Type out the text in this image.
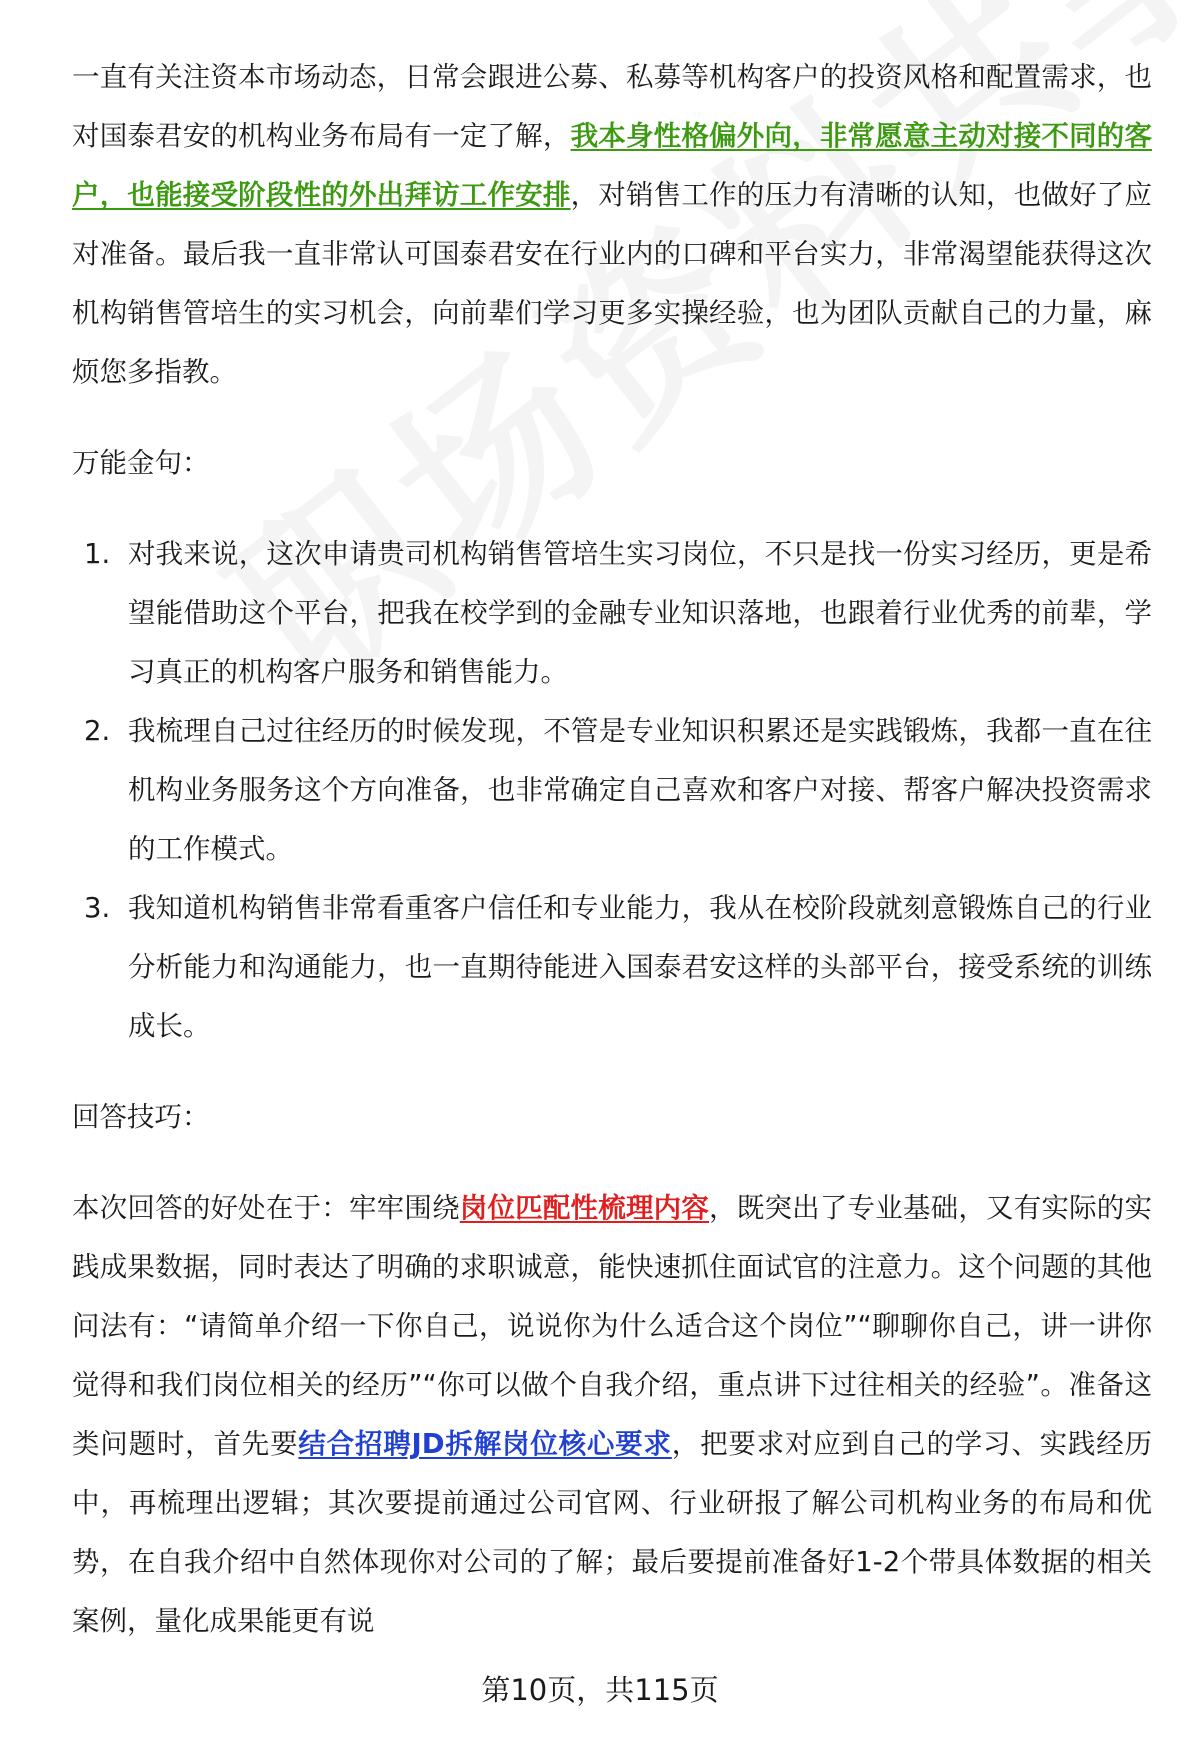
一直有关注资本市场动态，日常会跟进公募、私募等机构客户的投资风格和配置需求，也对国泰君安的机构业务布局有一定了解，我本身性格偏外向，非常愿意主动对接不同的客户，也能接受阶段性的外出拜访工作安排，对销售工作的压力有清晰的认知，也做好了应对准备。最后我一直非常认可国泰君安在行业内的口碑和平台实力，非常渴望能获得这次机构销售管培生的实习机会，向前辈们学习更多实操经验，也为团队贡献自己的力量，麻烦您多指教。

万能金句：

1. 对我来说，这次申请贵司机构销售管培生实习岗位，不只是找一份实习经历，更是希望能借助这个平台，把我在校学到的金融专业知识落地，也跟着行业优秀的前辈，学习真正的机构客户服务和销售能力。
2. 我梳理自己过往经历的时候发现，不管是专业知识积累还是实践锻炼，我都一直在往机构业务服务这个方向准备，也非常确定自己喜欢和客户对接、帮客户解决投资需求的工作模式。
3. 我知道机构销售非常看重客户信任和专业能力，我从在校阶段就刻意锻炼自己的行业分析能力和沟通能力，也一直期待能进入国泰君安这样的头部平台，接受系统的训练成长。

回答技巧：

本次回答的好处在于：牢牢围绕岗位匹配性梳理内容，既突出了专业基础，又有实际的实践成果数据，同时表达了明确的求职诚意，能快速抓住面试官的注意力。这个问题的其他问法有：“请简单介绍一下你自己，说说你为什么适合这个岗位”“聊聊你自己，讲一讲你觉得和我们岗位相关的经历”“你可以做个自我介绍，重点讲下过往相关的经验”。准备这类问题时，首先要结合招聘JD拆解岗位核心要求，把要求对应到自己的学习、实践经历中，再梳理出逻辑；其次要提前通过公司官网、行业研报了解公司机构业务的布局和优势，在自我介绍中自然体现你对公司的了解；最后要提前准备好1-2个带具体数据的相关案例，量化成果能更有说

第10页，共115页
